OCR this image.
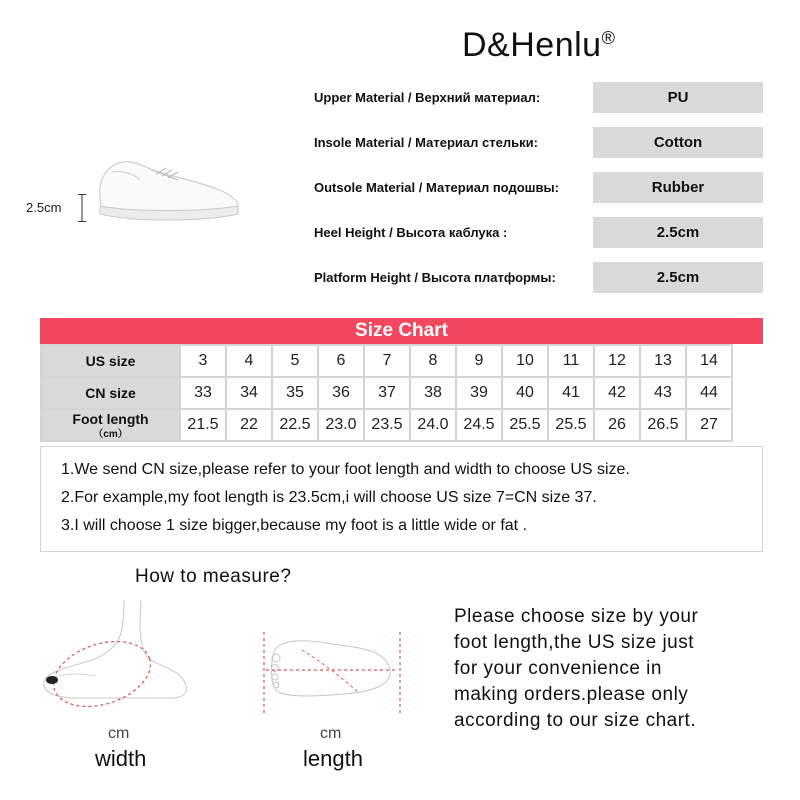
D&Henlu®
2.5cm
Upper Material / Верхний материал:	PU
Insole Material / Материал стельки:	Cotton
Outsole Material / Материал подошвы:	Rubber
Heel Height / Высота каблука :	2.5cm
Platform Height / Высота платформы:	2.5cm
Size Chart
US size	3	4	5	6	7	8	9	10	11	12	13	14
CN size	33	34	35	36	37	38	39	40	41	42	43	44
Foot length
（cm）	21.5	22	22.5	23.0	23.5	24.0	24.5	25.5	25.5	26	26.5	27
1.We send CN size,please refer to your foot length and width to choose US size.
2.For example,my foot length is 23.5cm,i will choose US size 7=CN size 37.
3.I will choose 1 size bigger,because my foot is a little wide or fat .
How to measure?
cm
width
cm
length
Please choose size by your
foot length,the US size just
for your convenience in
making orders.please only
according to our size chart.
